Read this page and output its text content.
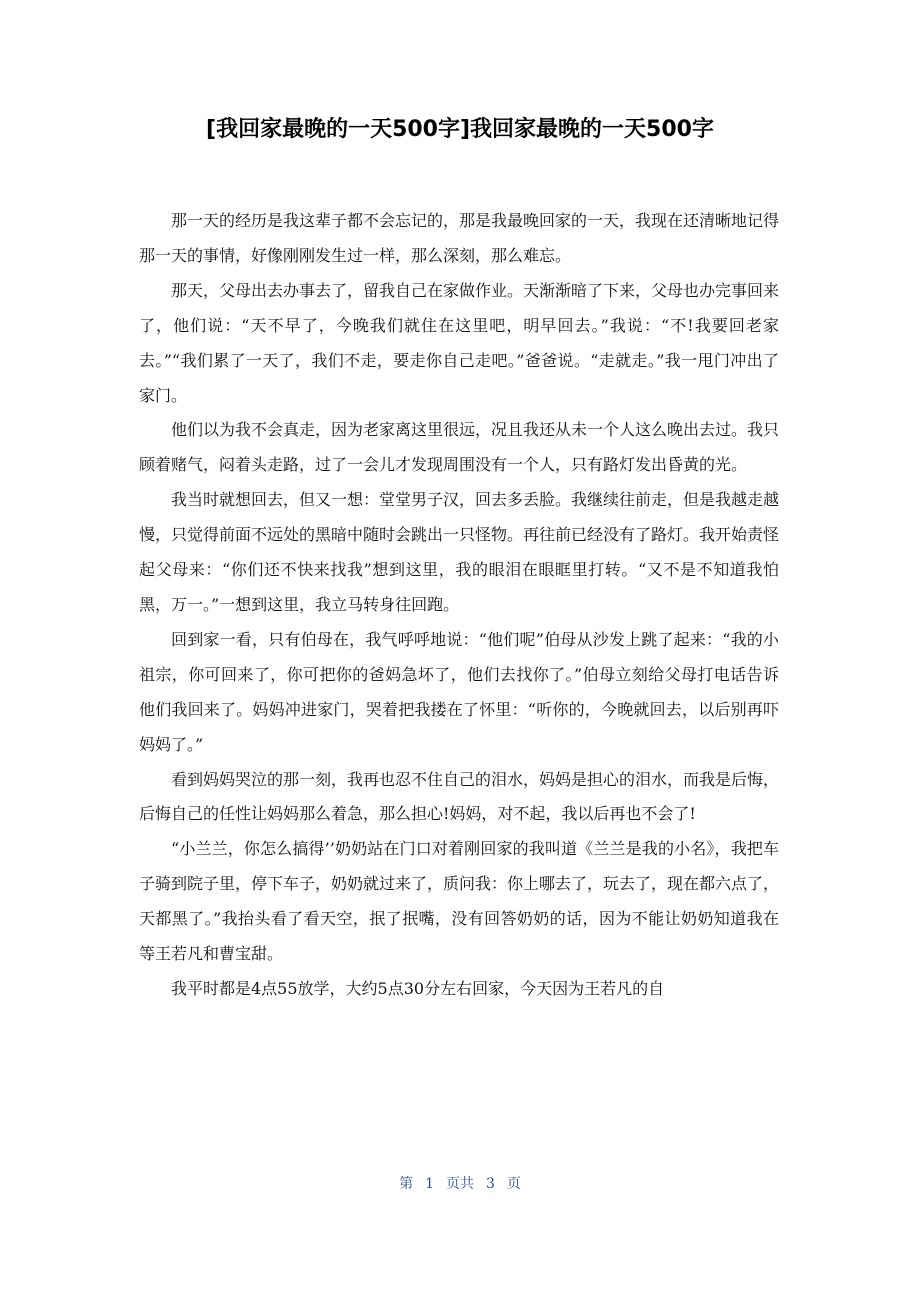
[我回家最晚的一天500字]我回家最晚的一天500字

那一天的经历是我这辈子都不会忘记的，那是我最晚回家的一天，我现在还清晰地记得那一天的事情，好像刚刚发生过一样，那么深刻，那么难忘。

那天，父母出去办事去了，留我自己在家做作业。天渐渐暗了下来，父母也办完事回来了，他们说：“天不早了，今晚我们就住在这里吧，明早回去。”我说：“不!我要回老家去。”“我们累了一天了，我们不走，要走你自己走吧。”爸爸说。“走就走。”我一甩门冲出了家门。

他们以为我不会真走，因为老家离这里很远，况且我还从未一个人这么晚出去过。我只顾着赌气，闷着头走路，过了一会儿才发现周围没有一个人，只有路灯发出昏黄的光。

我当时就想回去，但又一想：堂堂男子汉，回去多丢脸。我继续往前走，但是我越走越慢，只觉得前面不远处的黑暗中随时会跳出一只怪物。再往前已经没有了路灯。我开始责怪起父母来：“你们还不快来找我”想到这里，我的眼泪在眼眶里打转。“又不是不知道我怕黑，万一。”一想到这里，我立马转身往回跑。

回到家一看，只有伯母在，我气呼呼地说：“他们呢”伯母从沙发上跳了起来：“我的小祖宗，你可回来了，你可把你的爸妈急坏了，他们去找你了。”伯母立刻给父母打电话告诉他们我回来了。妈妈冲进家门，哭着把我搂在了怀里：“听你的，今晚就回去，以后别再吓妈妈了。”

看到妈妈哭泣的那一刻，我再也忍不住自己的泪水，妈妈是担心的泪水，而我是后悔，后悔自己的任性让妈妈那么着急，那么担心!妈妈，对不起，我以后再也不会了!

“小兰兰，你怎么搞得’’奶奶站在门口对着刚回家的我叫道《兰兰是我的小名》，我把车子骑到院子里，停下车子，奶奶就过来了，质问我：你上哪去了，玩去了，现在都六点了，天都黑了。”我抬头看了看天空，抿了抿嘴，没有回答奶奶的话，因为不能让奶奶知道我在等王若凡和曹宝甜。

我平时都是4点55放学，大约5点30分左右回家，今天因为王若凡的自

第 1 页共 3 页
